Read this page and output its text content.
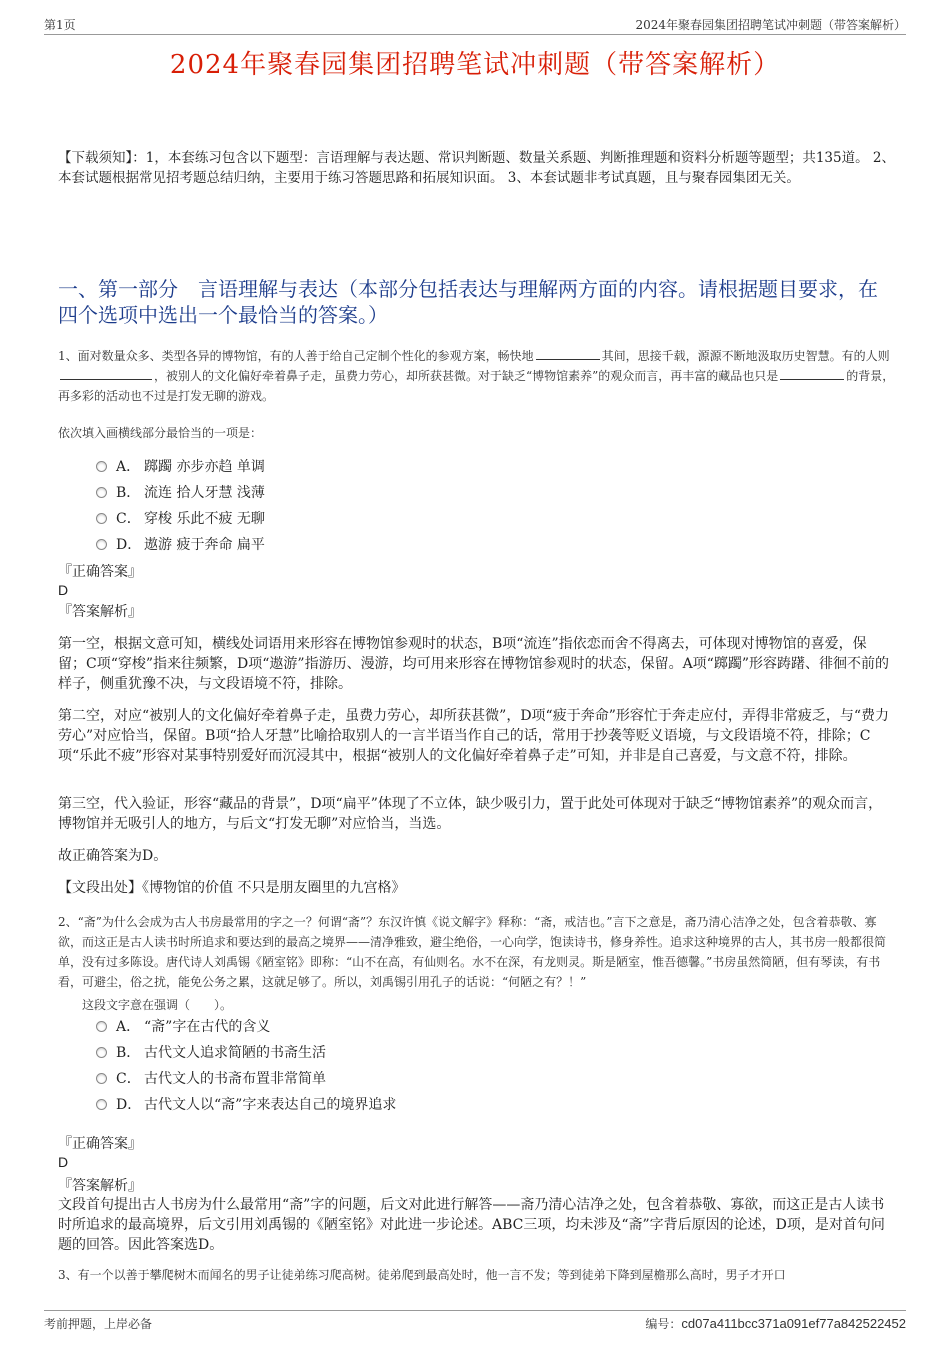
第1页	2024年聚春园集团招聘笔试冲刺题（带答案解析）
2024年聚春园集团招聘笔试冲刺题（带答案解析）
【下载须知】：1，本套练习包含以下题型：言语理解与表达题、常识判断题、数量关系题、判断推理题和资料分析题等题型；共135道。 2、本套试题根据常见招考题总结归纳，主要用于练习答题思路和拓展知识面。 3、本套试题非考试真题，且与聚春园集团无关。
一、第一部分　言语理解与表达（本部分包括表达与理解两方面的内容。请根据题目要求，在四个选项中选出一个最恰当的答案。）
1、面对数量众多、类型各异的博物馆，有的人善于给自己定制个性化的参观方案，畅快地	其间，思接千载，源源不断地汲取历史智慧。有的人则，被别人的文化偏好牵着鼻子走，虽费力劳心，却所获甚微。对于缺乏“博物馆素养”的观众而言，再丰富的藏品也只是	的背景，再多彩的活动也不过是打发无聊的游戏。
依次填入画横线部分最恰当的一项是：
A． 踯躅 亦步亦趋 单调
B． 流连 拾人牙慧 浅薄
C． 穿梭 乐此不疲 无聊
D． 遨游 疲于奔命 扁平
『正确答案』
D
『答案解析』
第一空，根据文意可知，横线处词语用来形容在博物馆参观时的状态，B项“流连”指依恋而舍不得离去，可体现对博物馆的喜爱，保留；C项“穿梭”指来往频繁，D项“遨游”指游历、漫游，均可用来形容在博物馆参观时的状态，保留。A项“踯躅”形容踌躇、徘徊不前的样子，侧重犹豫不决，与文段语境不符，排除。
第二空，对应“被别人的文化偏好牵着鼻子走，虽费力劳心，却所获甚微”，D项“疲于奔命”形容忙于奔走应付，弄得非常疲乏，与“费力劳心”对应恰当，保留。B项“拾人牙慧”比喻拾取别人的一言半语当作自己的话，常用于抄袭等贬义语境，与文段语境不符，排除；C项“乐此不疲”形容对某事特别爱好而沉浸其中，根据“被别人的文化偏好牵着鼻子走”可知，并非是自己喜爱，与文意不符，排除。
第三空，代入验证，形容“藏品的背景”，D项“扁平”体现了不立体，缺少吸引力，置于此处可体现对于缺乏“博物馆素养”的观众而言，博物馆并无吸引人的地方，与后文“打发无聊”对应恰当，当选。
故正确答案为D。
【文段出处】《博物馆的价值 不只是朋友圈里的九宫格》
2、“斋”为什么会成为古人书房最常用的字之一？何谓“斋”？东汉许慎《说文解字》释称：“斋，戒洁也。”言下之意是，斋乃清心洁净之处，包含着恭敬、寡欲，而这正是古人读书时所追求和要达到的最高之境界——清净雅致，避尘绝俗，一心向学，饱读诗书，修身养性。追求这种境界的古人，其书房一般都很简单，没有过多陈设。唐代诗人刘禹锡《陋室铭》即称：“山不在高，有仙则名。水不在深，有龙则灵。斯是陋室，惟吾德馨。”书房虽然简陋，但有琴读，有书看，可避尘，俗之扰，能免公务之累，这就足够了。所以，刘禹锡引用孔子的话说：“何陋之有？！”
这段文字意在强调（　　）。
A． “斋”字在古代的含义
B． 古代文人追求简陋的书斋生活
C． 古代文人的书斋布置非常简单
D． 古代文人以“斋”字来表达自己的境界追求
『正确答案』
D
『答案解析』
文段首句提出古人书房为什么最常用“斋”字的问题，后文对此进行解答——斋乃清心洁净之处，包含着恭敬、寡欲，而这正是古人读书时所追求的最高境界，后文引用刘禹锡的《陋室铭》对此进一步论述。ABC三项，均未涉及“斋”字背后原因的论述，D项，是对首句问题的回答。因此答案选D。
3、有一个以善于攀爬树木而闻名的男子让徒弟练习爬高树。徒弟爬到最高处时，他一言不发；等到徒弟下降到屋檐那么高时，男子才开口
考前押题，上岸必备	编号：cd07a411bcc371a091ef77a842522452
